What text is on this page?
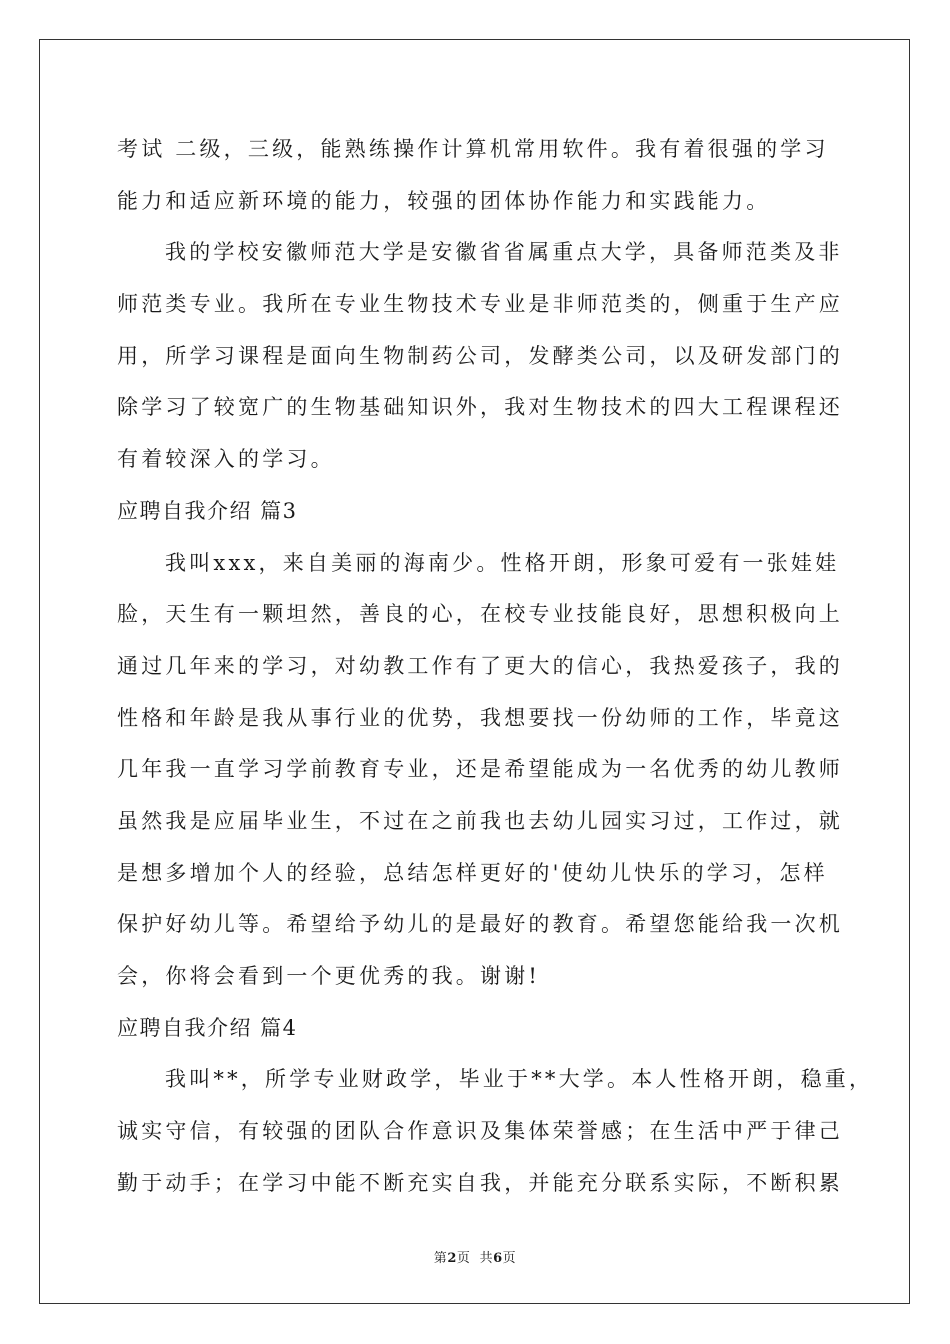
考试 二级，三级，能熟练操作计算机常用软件。我有着很强的学习
能力和适应新环境的能力，较强的团体协作能力和实践能力。
我的学校安徽师范大学是安徽省省属重点大学，具备师范类及非
师范类专业。我所在专业生物技术专业是非师范类的，侧重于生产应
用，所学习课程是面向生物制药公司，发酵类公司，以及研发部门的
除学习了较宽广的生物基础知识外，我对生物技术的四大工程课程还
有着较深入的学习。
应聘自我介绍 篇3
我叫xxx，来自美丽的海南少。性格开朗，形象可爱有一张娃娃
脸，天生有一颗坦然，善良的心，在校专业技能良好，思想积极向上
通过几年来的学习，对幼教工作有了更大的信心，我热爱孩子，我的
性格和年龄是我从事行业的优势，我想要找一份幼师的工作，毕竟这
几年我一直学习学前教育专业，还是希望能成为一名优秀的幼儿教师
虽然我是应届毕业生，不过在之前我也去幼儿园实习过，工作过，就
是想多增加个人的经验，总结怎样更好的'使幼儿快乐的学习，怎样
保护好幼儿等。希望给予幼儿的是最好的教育。希望您能给我一次机
会，你将会看到一个更优秀的我。谢谢!
应聘自我介绍 篇4
我叫**，所学专业财政学，毕业于**大学。本人性格开朗，稳重，
诚实守信，有较强的团队合作意识及集体荣誉感；在生活中严于律己
勤于动手；在学习中能不断充实自我，并能充分联系实际，不断积累
第2页  共6页
